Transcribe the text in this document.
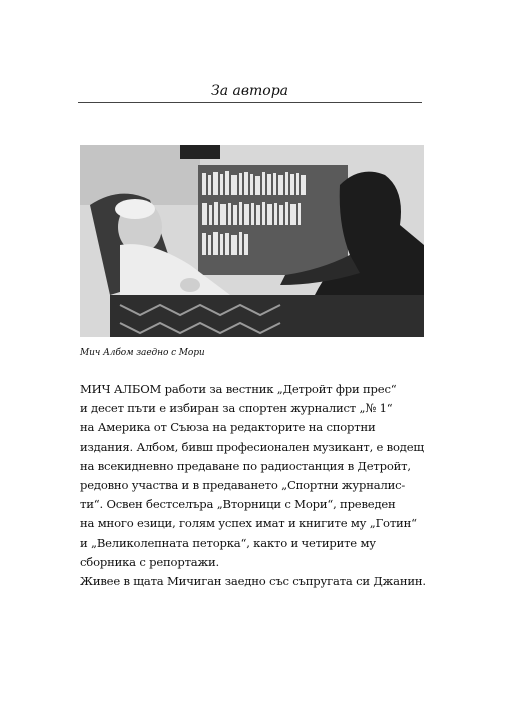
За автора
Мич Албом заедно с Мори

МИЧ АЛБОМ работи за вестник „Детройт фри прес“

и десет пъти е избиран за спортен журналист „№ 1“

на Америка от Съюза на редакторите на спортни

издания. Албом, бивш професионален музикант, е водещ

на всекидневно предаване по радиостанция в Детройт,

редовно участва и в предаването „Спортни журналис-

ти“. Освен бестселъра „Вторници с Мори“, преведен

на много езици, голям успех имат и книгите му „Готин“

и „Великолепната петорка“, както и четирите му

сборника с репортажи.

Живее в щата Мичиган заедно със съпругата си Джанин.
